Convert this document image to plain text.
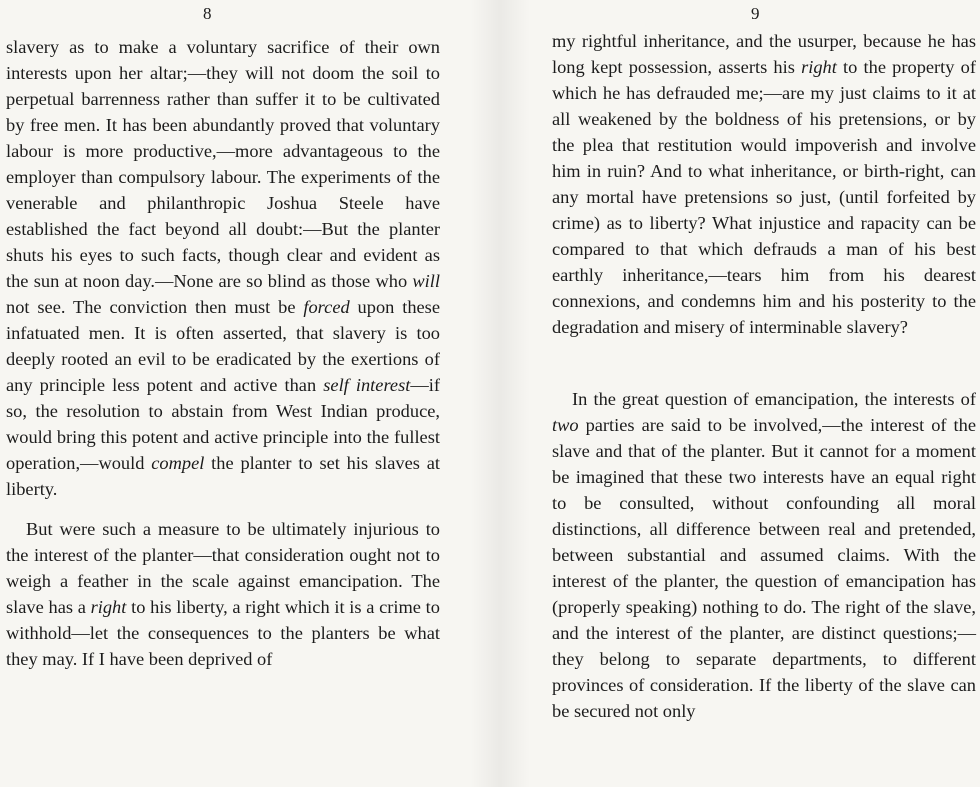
8

slavery as to make a voluntary sacrifice of their own interests upon her altar;—they will not doom the soil to perpetual barrenness rather than suffer it to be cultivated by free men. It has been abundantly proved that voluntary labour is more productive,—more advantageous to the employer than compulsory labour. The experiments of the venerable and philanthropic Joshua Steele have established the fact beyond all doubt:—But the planter shuts his eyes to such facts, though clear and evident as the sun at noon day.—None are so blind as those who will not see. The conviction then must be forced upon these infatuated men. It is often asserted, that slavery is too deeply rooted an evil to be eradicated by the exertions of any principle less potent and active than self interest—if so, the resolution to abstain from West Indian produce, would bring this potent and active principle into the fullest operation,—would compel the planter to set his slaves at liberty.

But were such a measure to be ultimately injurious to the interest of the planter—that consideration ought not to weigh a feather in the scale against emancipation. The slave has a right to his liberty, a right which it is a crime to withhold—let the consequences to the planters be what they may. If I have been deprived of

9

my rightful inheritance, and the usurper, because he has long kept possession, asserts his right to the property of which he has defrauded me;—are my just claims to it at all weakened by the boldness of his pretensions, or by the plea that restitution would impoverish and involve him in ruin? And to what inheritance, or birth-right, can any mortal have pretensions so just, (until forfeited by crime) as to liberty? What injustice and rapacity can be compared to that which defrauds a man of his best earthly inheritance,—tears him from his dearest connexions, and condemns him and his posterity to the degradation and misery of interminable slavery?

In the great question of emancipation, the interests of two parties are said to be involved,—the interest of the slave and that of the planter. But it cannot for a moment be imagined that these two interests have an equal right to be consulted, without confounding all moral distinctions, all difference between real and pretended, between substantial and assumed claims. With the interest of the planter, the question of emancipation has (properly speaking) nothing to do. The right of the slave, and the interest of the planter, are distinct questions;—they belong to separate departments, to different provinces of consideration. If the liberty of the slave can be secured not only
